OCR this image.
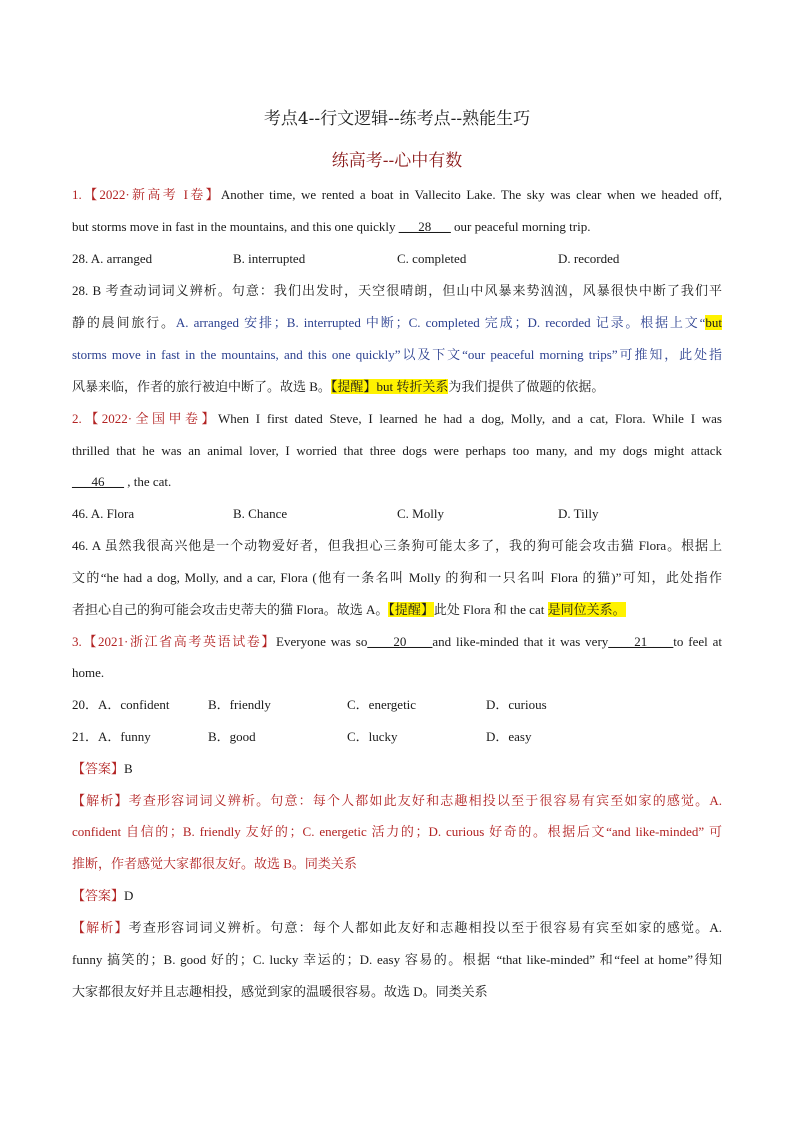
考点4--行文逻辑--练考点--熟能生巧
练高考--心中有数
1.【2022·新高考 I卷】Another time, we rented a boat in Vallecito Lake. The sky was clear when we headed off,
but storms move in fast in the mountains, and this one quickly ___28___ our peaceful morning trip.
28. A. arranged	B. interrupted	C. completed	D. recorded
28. B 考查动词词义辨析。句意：我们出发时，天空很晴朗，但山中风暴来势汹汹，风暴很快中断了我们平
静的晨间旅行。A. arranged 安排；B. interrupted 中断；C. completed 完成；D. recorded 记录。根据上文“but
storms move in fast in the mountains, and this one quickly”以及下文“our peaceful morning trips”可推知，此处指
风暴来临，作者的旅行被迫中断了。故选 B。【提醒】but 转折关系为我们提供了做题的依据。
2.【2022·全国甲卷】When I first dated Steve, I learned he had a dog, Molly, and a cat, Flora. While I was
thrilled that he was an animal lover, I worried that three dogs were perhaps too many, and my dogs might attack
___46___ , the cat.
46. A. Flora	B. Chance	C. Molly	D. Tilly
46. A 虽然我很高兴他是一个动物爱好者，但我担心三条狗可能太多了，我的狗可能会攻击猫 Flora。根据上
文的“he had a dog, Molly, and a car, Flora (他有一条名叫 Molly 的狗和一只名叫 Flora 的猫)”可知，此处指作
者担心自己的狗可能会攻击史蒂夫的猫 Flora。故选 A。【提醒】此处 Flora 和 the cat 是同位关系。
3.【2021·浙江省高考英语试卷】Everyone was so____20____and like-minded that it was very____21____to feel at
home.
20．A．confident	B．friendly	C．energetic	D．curious
21．A．funny	B．good	C．lucky	D．easy
【答案】B
【解析】考查形容词词义辨析。句意：每个人都如此友好和志趣相投以至于很容易有宾至如家的感觉。A.
confident 自信的；B. friendly 友好的；C. energetic 活力的；D. curious 好奇的。根据后文“and like-minded” 可
推断，作者感觉大家都很友好。故选 B。同类关系
【答案】D
【解析】考查形容词词义辨析。句意：每个人都如此友好和志趣相投以至于很容易有宾至如家的感觉。A.
funny 搞笑的；B. good 好的；C. lucky 幸运的；D. easy 容易的。根据 “that like-minded” 和“feel at home”得知
大家都很友好并且志趣相投，感觉到家的温暖很容易。故选 D。同类关系
